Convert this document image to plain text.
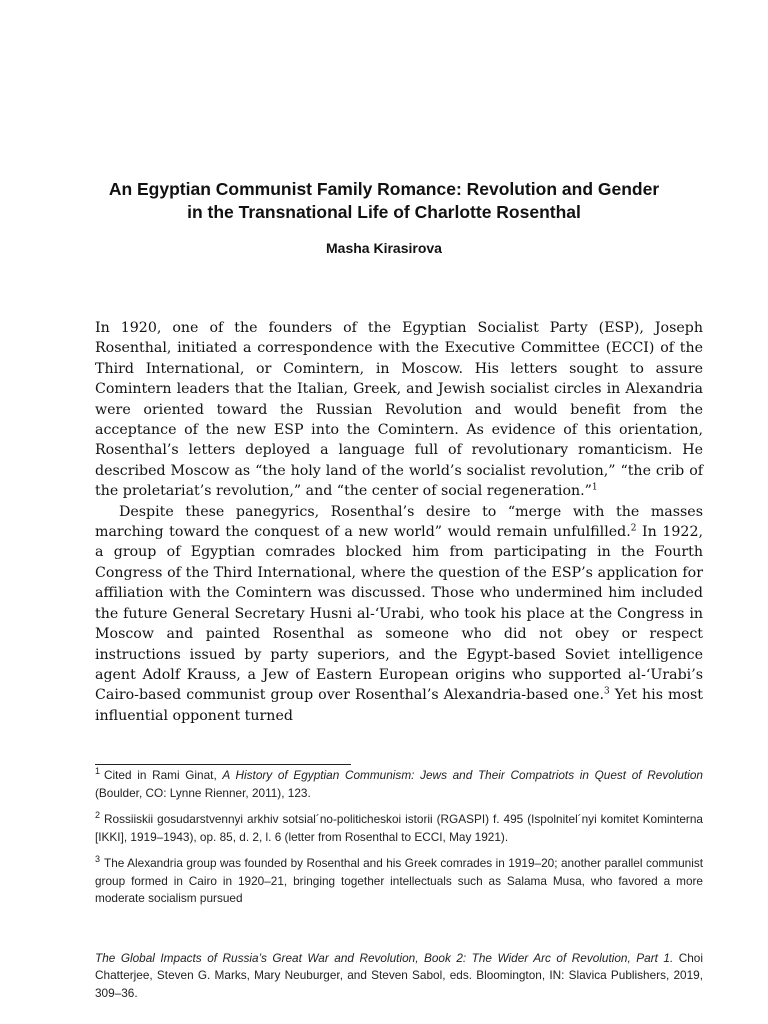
An Egyptian Communist Family Romance: Revolution and Gender
in the Transnational Life of Charlotte Rosenthal

Masha Kirasirova

In 1920, one of the founders of the Egyptian Socialist Party (ESP), Joseph Rosenthal, initiated a correspondence with the Executive Committee (ECCI) of the Third International, or Comintern, in Moscow. His letters sought to assure Comintern leaders that the Italian, Greek, and Jewish socialist circles in Alexandria were oriented toward the Russian Revolution and would benefit from the acceptance of the new ESP into the Comintern. As evidence of this orientation, Rosenthal’s letters deployed a language full of revolutionary romanticism. He described Moscow as “the holy land of the world’s socialist revolution,” “the crib of the proletariat’s revolution,” and “the center of social regeneration.”$^1$

Despite these panegyrics, Rosenthal’s desire to “merge with the masses marching toward the conquest of a new world” would remain unfulfilled.$^2$ In 1922, a group of Egyptian comrades blocked him from participating in the Fourth Congress of the Third International, where the question of the ESP’s application for affiliation with the Comintern was discussed. Those who undermined him included the future General Secretary Husni al-‘Urabi, who took his place at the Congress in Moscow and painted Rosenthal as someone who did not obey or respect instructions issued by party superiors, and the Egypt-based Soviet intelligence agent Adolf Krauss, a Jew of Eastern European origins who supported al-‘Urabi’s Cairo-based communist group over Rosenthal’s Alexandria-based one.$^3$ Yet his most influential opponent turned

$^1$ Cited in Rami Ginat, A History of Egyptian Communism: Jews and Their Compatriots in Quest of Revolution (Boulder, CO: Lynne Rienner, 2011), 123.

$^2$ Rossiiskii gosudarstvennyi arkhiv sotsial´no-politicheskoi istorii (RGASPI) f. 495 (Ispolnitel´nyi komitet Kominterna [IKKI], 1919–1943), op. 85, d. 2, l. 6 (letter from Rosenthal to ECCI, May 1921).

$^3$ The Alexandria group was founded by Rosenthal and his Greek comrades in 1919–20; another parallel communist group formed in Cairo in 1920–21, bringing together intellectuals such as Salama Musa, who favored a more moderate socialism pursued

The Global Impacts of Russia’s Great War and Revolution, Book 2: The Wider Arc of Revolution, Part 1. Choi Chatterjee, Steven G. Marks, Mary Neuburger, and Steven Sabol, eds. Bloomington, IN: Slavica Publishers, 2019, 309–36.
